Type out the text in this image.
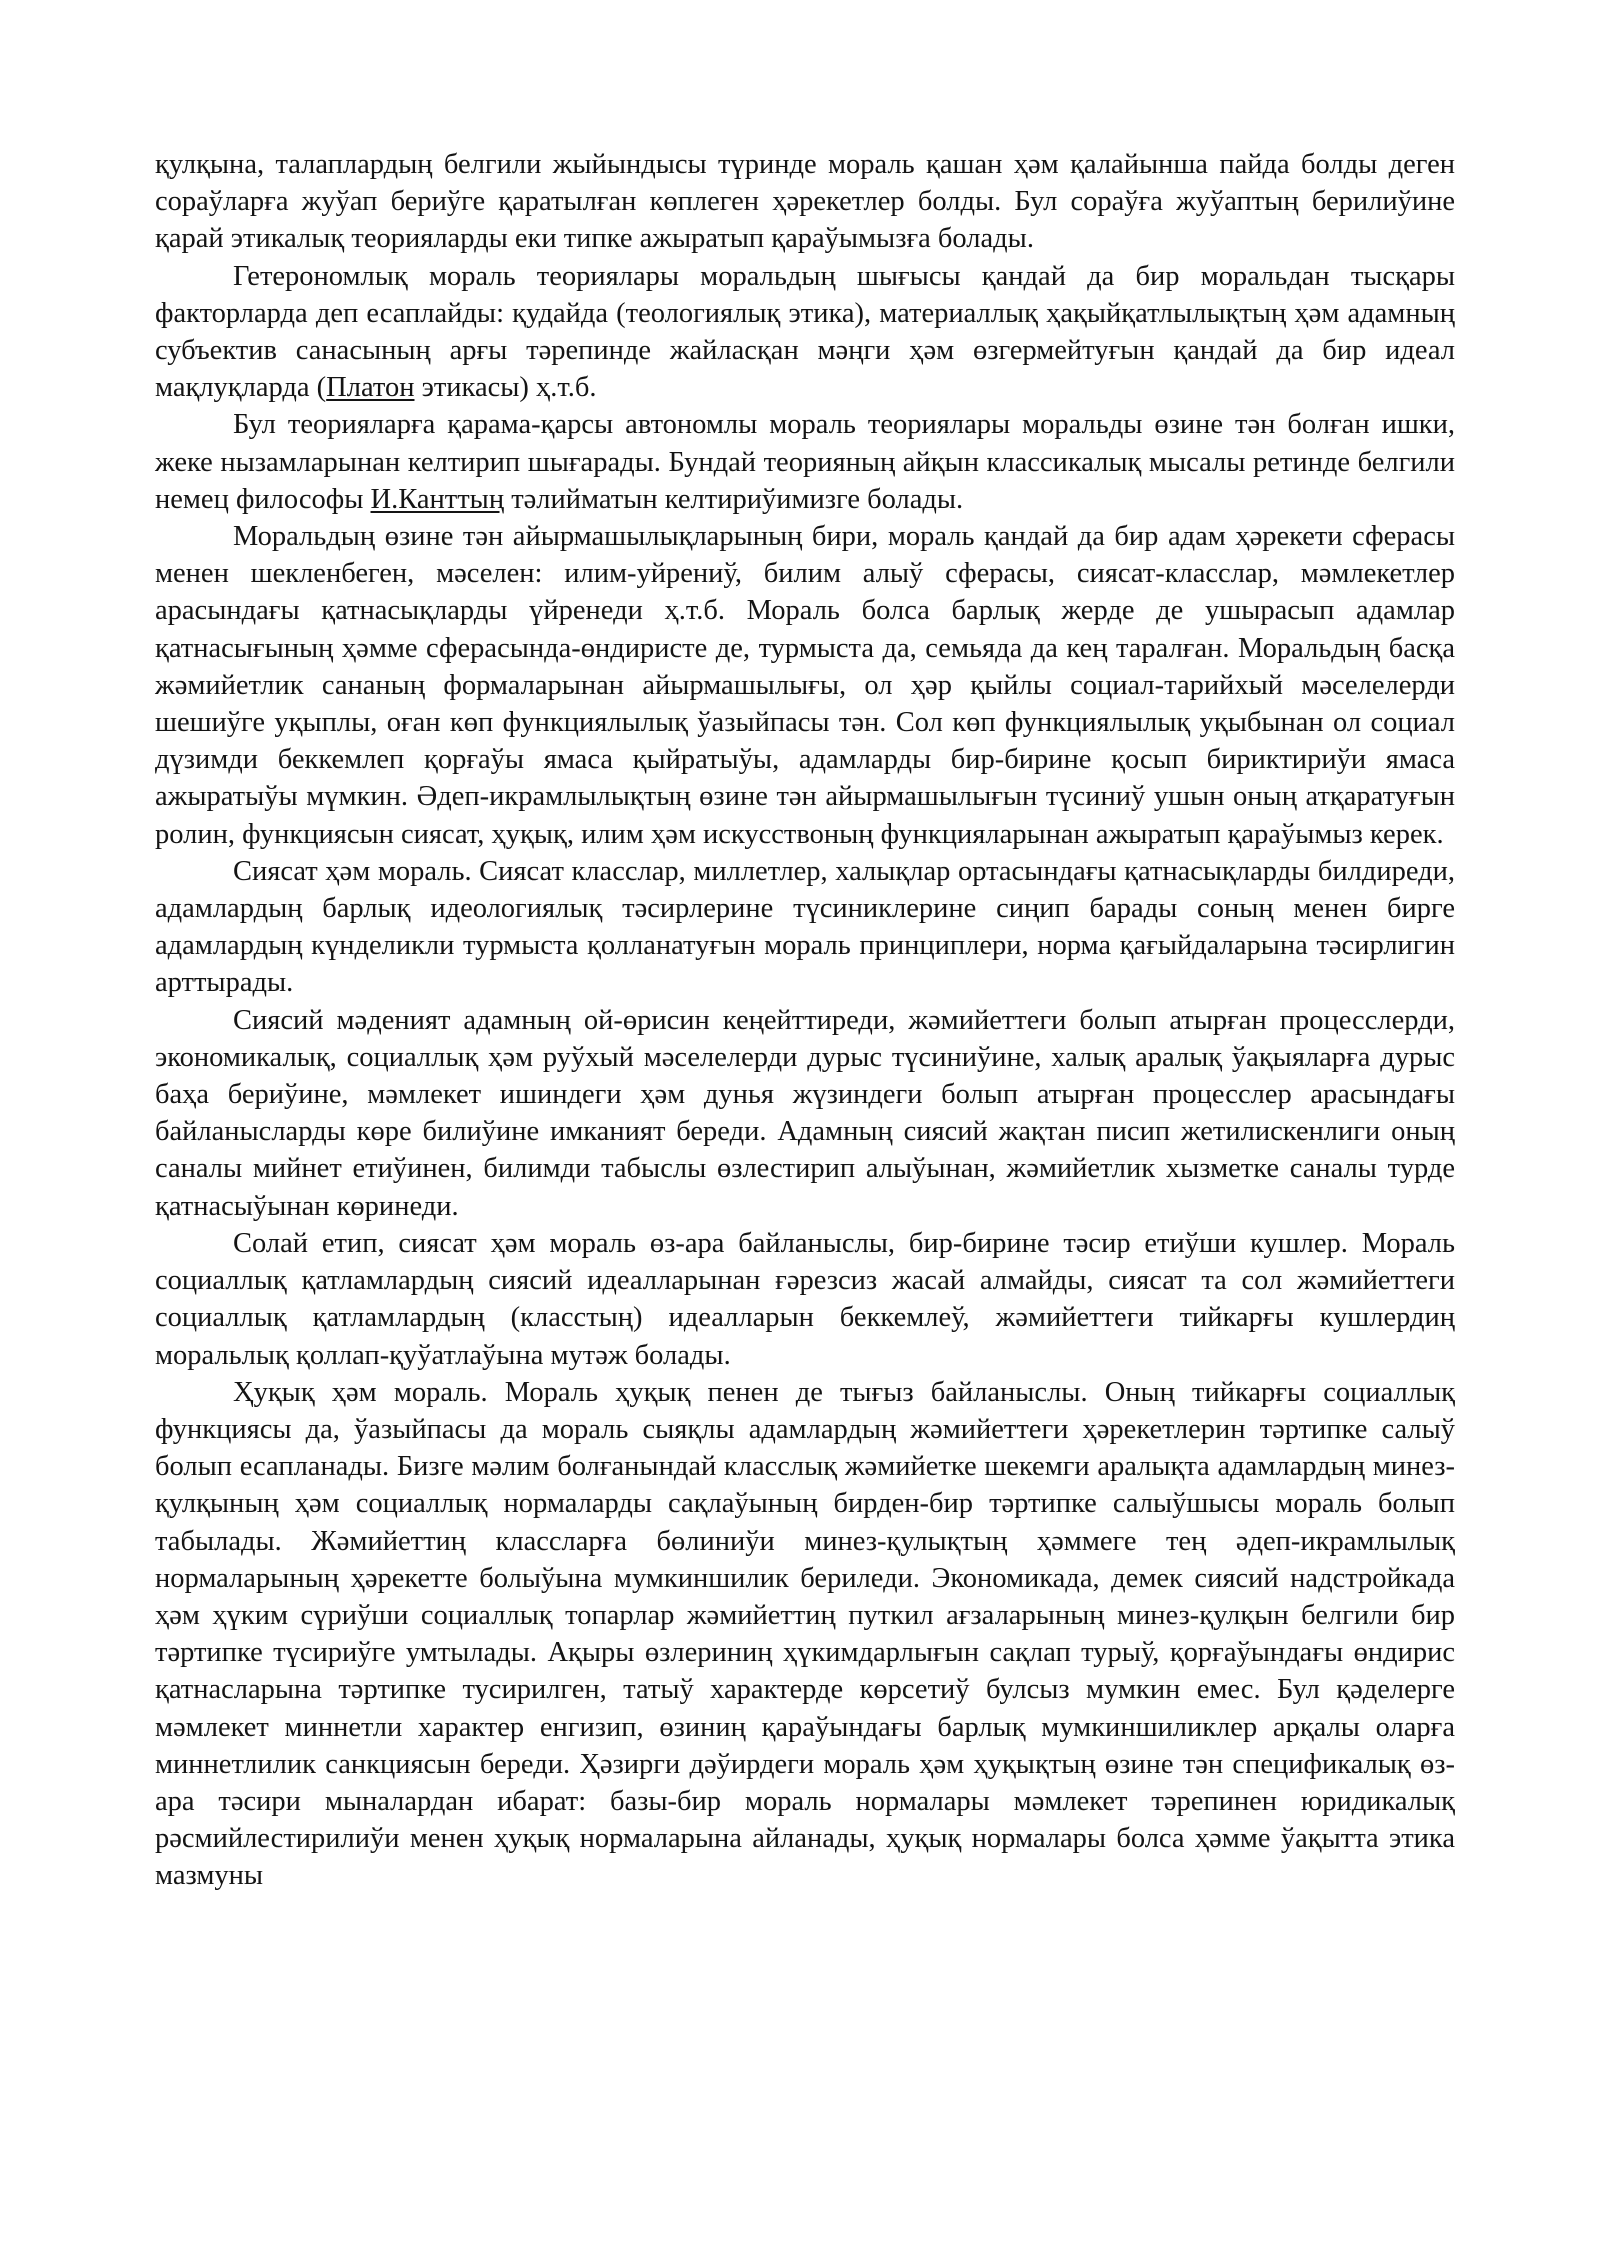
қулқына, талаплардың белгили жыйындысы түринде мораль қашан ҳәм қалайынша пайда болды деген сораўларға жуўап бериўге қаратылған көплеген ҳәрекетлер болды. Бул сораўға жуўаптың берилиўине қарай этикалық теорияларды еки типке ажыратып қараўымызға болады.

Гетерономлық мораль теориялары моральдың шығысы қандай да бир моральдан тысқары факторларда деп есаплайды: қудайда (теологиялық этика), материаллық ҳақыйқатлылықтың ҳәм адамның субъектив санасының арғы тәрепинде жайласқан мәңги ҳәм өзгермейтуғын қандай да бир идеал мақлуқларда (Платон этикасы) ҳ.т.б.

Бул теорияларға қарама-қарсы автономлы мораль теориялары моральды өзине тән болған ишки, жеке нызамларынан келтирип шығарады. Бундай теорияның айқын классикалық мысалы ретинде белгили немец философы И.Канттың тәлийматын келтириўимизге болады.

Моральдың өзине тән айырмашылықларының бири, мораль қандай да бир адам ҳәрекети сферасы менен шекленбеген, мәселен: илим-уйрениў, билим алыў сферасы, сиясат-класслар, мәмлекетлер арасындағы қатнасықларды үйренеди ҳ.т.б. Мораль болса барлық жерде де ушырасып адамлар қатнасығының ҳәмме сферасында-өндиристе де, турмыста да, семьяда да кең таралған. Моральдың басқа жәмийетлик сананың формаларынан айырмашылығы, ол ҳәр қыйлы социал-тарийхый мәселелерди шешиўге уқыплы, оған көп функциялылық ўазыйпасы тән. Сол көп функциялылық уқыбынан ол социал дүзимди беккемлеп қорғаўы ямаса қыйратыўы, адамларды бир-бирине қосып бириктириўи ямаса ажыратыўы мүмкин. Әдеп-икрамлылықтың өзине тән айырмашылығын түсиниў ушын оның атқаратуғын ролин, функциясын сиясат, ҳуқық, илим ҳәм искусствоның функцияларынан ажыратып қараўымыз керек.

Сиясат ҳәм мораль. Сиясат класслар, миллетлер, халықлар ортасындағы қатнасықларды билдиреди, адамлардың барлық идеологиялық тәсирлерине түсиниклерине сиңип барады соның менен бирге адамлардың күнделикли турмыста қолланатуғын мораль принциплери, норма қағыйдаларына тәсирлигин арттырады.

Сиясий мәдeният адамның ой-өрисин кеңейттиреди, жәмийеттеги болып атырған процесслерди, экономикалық, социаллық ҳәм руўхый мәселелерди дурыс түсиниўине, халық аралық ўақыяларға дурыс баҳа бериўине, мәмлекет ишиндеги ҳәм дунья жүзиндеги болып атырған процесслер арасындағы байланысларды көре билиўине имканият береди. Адамның сиясий жақтан писип жетилискенлиги оның саналы мийнет етиўинен, билимди табыслы өзлестирип алыўынан, жәмийетлик хызметке саналы турде қатнасыўынан көринеди.

Солай етип, сиясат ҳәм мораль өз-ара байланыслы, бир-бирине тәсир етиўши кушлер. Мораль социаллық қатламлардың сиясий идеалларынан ғәрезсиз жасай алмайды, сиясат та сол жәмийеттеги социаллық қатламлардың (класстың) идеалларын беккемлеў, жәмийеттеги тийкарғы кушлердиң моральлық қоллап-қуўатлаўына мутәж болады.

Ҳуқық ҳәм мораль. Мораль ҳуқық пенен де тығыз байланыслы. Оның тийкарғы социаллық функциясы да, ўазыйпасы да мораль сыяқлы адамлардың жәмийеттеги ҳәрекетлерин тәртипке салыў болып есапланады. Бизге мәлим болғанындай класслық жәмийетке шекемги аралықта адамлардың минез-қулқының ҳәм социаллық нормаларды сақлаўының бирден-бир тәртипке салыўшысы мораль болып табылады. Жәмийеттиң классларға бөлиниўи минез-қулықтың ҳәммеге тең әдеп-икрамлылық нормаларының ҳәрекетте болыўына мумкиншилик бериледи. Экономикада, демек сиясий надстройкада ҳәм ҳүким сүриўши социаллық топарлар жәмийеттиң путкил ағзаларының минез-қулқын белгили бир тәртипке түсириўге умтылады. Ақыры өзлериниң ҳүкимдарлығын сақлап турыў, қорғаўындағы өндирис қатнасларына тәртипке тусирилген, татыў характерде көрсетиў булсыз мумкин емес. Бул қәделерге мәмлекет миннетли характер енгизип, өзиниң қараўындағы барлық мумкиншиликлер арқалы оларға миннетлилик санкциясын береди. Ҳәзирги дәўирдеги мораль ҳәм ҳуқықтың өзине тән спецификалық өз-ара тәсири мыналардан ибарат: базы-бир мораль нормалары мәмлекет тәрепинен юридикалық рәсмийлестирилиўи менен ҳуқық нормаларына айланады, ҳуқық нормалары болса ҳәмме ўақытта этика мазмуны
